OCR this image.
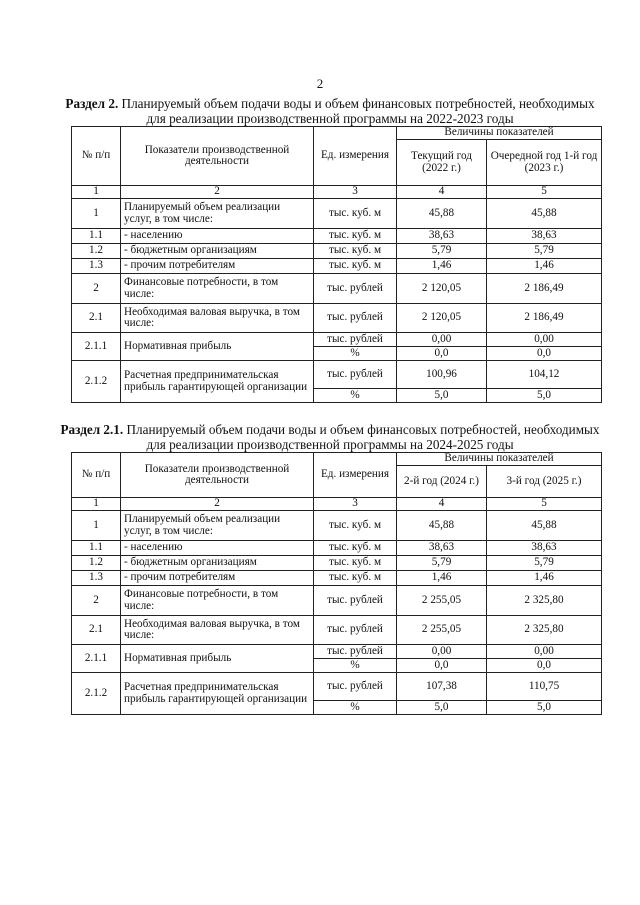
2
Раздел 2. Планируемый объем подачи воды и объем финансовых потребностей, необходимых для реализации производственной программы на 2022-2023 годы
№ п/п	Показатели производственной деятельности	Ед. измерения	Величины показателей	
			Текущий год (2022 г.)	Очередной год 1-й год (2023 г.)
1	2	3	4	5
1	Планируемый объем реализации услуг, в том числе:	тыс. куб. м	45,88	45,88
1.1	- населению	тыс. куб. м	38,63	38,63
1.2	- бюджетным организациям	тыс. куб. м	5,79	5,79
1.3	- прочим потребителям	тыс. куб. м	1,46	1,46
2	Финансовые потребности, в том числе:	тыс. рублей	2 120,05	2 186,49
2.1	Необходимая валовая выручка, в том числе:	тыс. рублей	2 120,05	2 186,49
2.1.1	Нормативная прибыль	тыс. рублей	0,00	0,00
		%	0,0	0,0
2.1.2	Расчетная предпринимательская прибыль гарантирующей организации	тыс. рублей	100,96	104,12
		%	5,0	5,0
Раздел 2.1. Планируемый объем подачи воды и объем финансовых потребностей, необходимых для реализации производственной программы на 2024-2025 годы
№ п/п	Показатели производственной деятельности	Ед. измерения	Величины показателей	
			2-й год (2024 г.)	3-й год (2025 г.)
1	2	3	4	5
1	Планируемый объем реализации услуг, в том числе:	тыс. куб. м	45,88	45,88
1.1	- населению	тыс. куб. м	38,63	38,63
1.2	- бюджетным организациям	тыс. куб. м	5,79	5,79
1.3	- прочим потребителям	тыс. куб. м	1,46	1,46
2	Финансовые потребности, в том числе:	тыс. рублей	2 255,05	2 325,80
2.1	Необходимая валовая выручка, в том числе:	тыс. рублей	2 255,05	2 325,80
2.1.1	Нормативная прибыль	тыс. рублей	0,00	0,00
		%	0,0	0,0
2.1.2	Расчетная предпринимательская прибыль гарантирующей организации	тыс. рублей	107,38	110,75
		%	5,0	5,0
